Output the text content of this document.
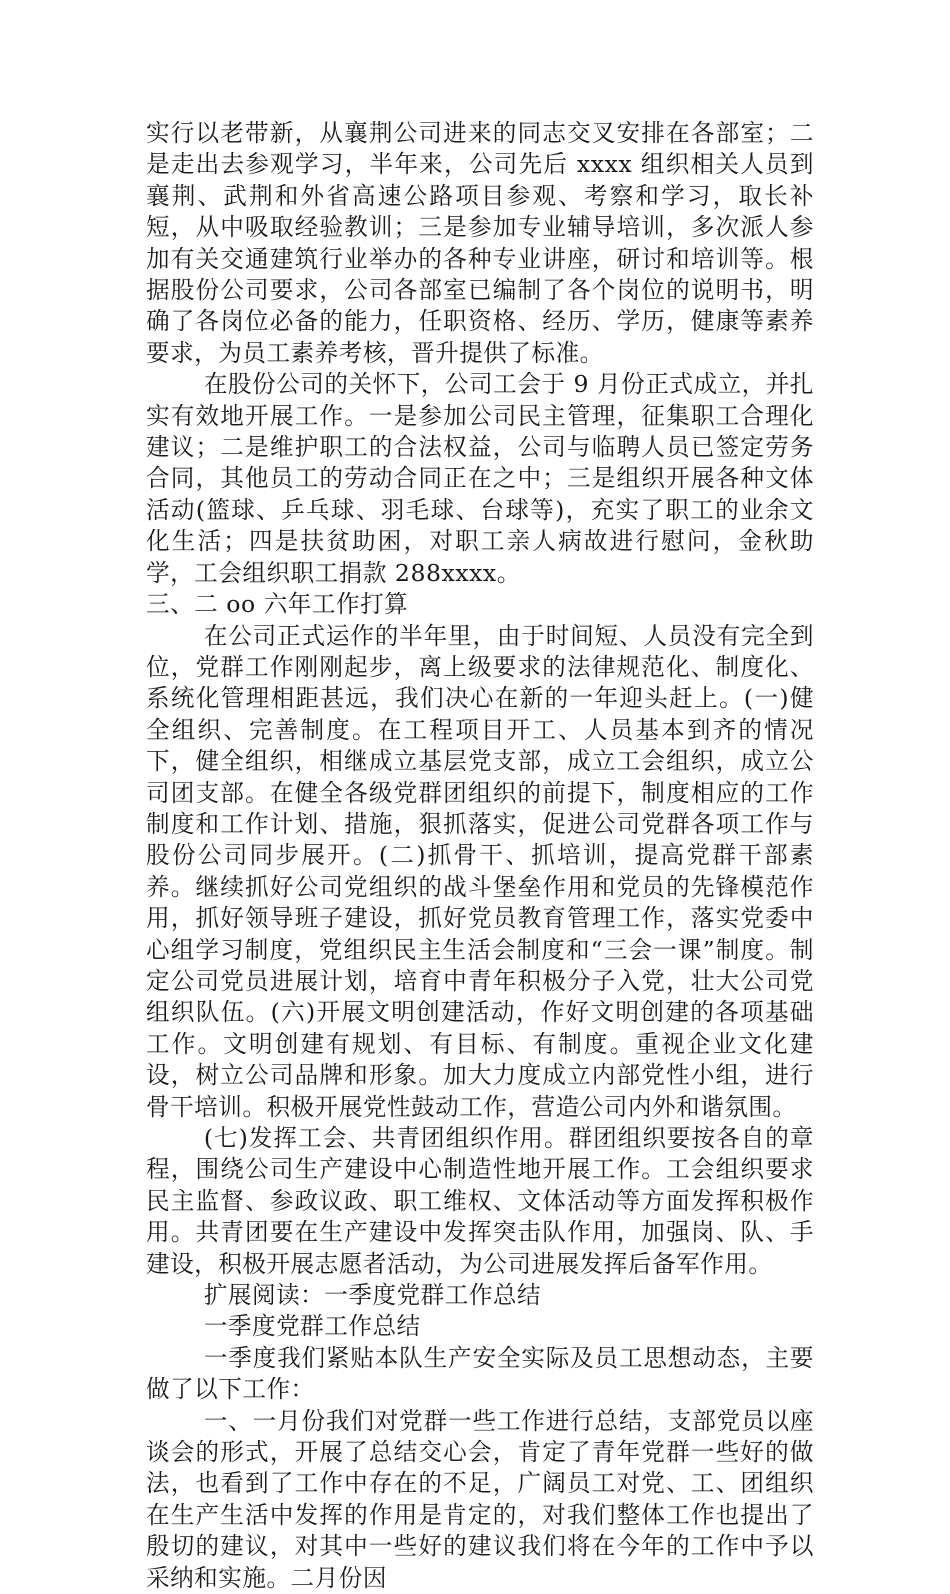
实行以老带新，从襄荆公司进来的同志交叉安排在各部室；二是走出去参观学习，半年来，公司先后 xxxx 组织相关人员到襄荆、武荆和外省高速公路项目参观、考察和学习，取长补短，从中吸取经验教训；三是参加专业辅导培训，多次派人参加有关交通建筑行业举办的各种专业讲座，研讨和培训等。根据股份公司要求，公司各部室已编制了各个岗位的说明书，明确了各岗位必备的能力，任职资格、经历、学历，健康等素养要求，为员工素养考核，晋升提供了标准。

在股份公司的关怀下，公司工会于 9 月份正式成立，并扎实有效地开展工作。一是参加公司民主管理，征集职工合理化建议；二是维护职工的合法权益，公司与临聘人员已签定劳务合同，其他员工的劳动合同正在之中；三是组织开展各种文体活动(篮球、乒乓球、羽毛球、台球等)，充实了职工的业余文化生活；四是扶贫助困，对职工亲人病故进行慰问，金秋助学，工会组织职工捐款 288xxxx。

三、二 oo 六年工作打算

在公司正式运作的半年里，由于时间短、人员没有完全到位，党群工作刚刚起步，离上级要求的法律规范化、制度化、系统化管理相距甚远，我们决心在新的一年迎头赶上。(一)健全组织、完善制度。在工程项目开工、人员基本到齐的情况下，健全组织，相继成立基层党支部，成立工会组织，成立公司团支部。在健全各级党群团组织的前提下，制度相应的工作制度和工作计划、措施，狠抓落实，促进公司党群各项工作与股份公司同步展开。(二)抓骨干、抓培训，提高党群干部素养。继续抓好公司党组织的战斗堡垒作用和党员的先锋模范作用，抓好领导班子建设，抓好党员教育管理工作，落实党委中心组学习制度，党组织民主生活会制度和“三会一课”制度。制定公司党员进展计划，培育中青年积极分子入党，壮大公司党组织队伍。(六)开展文明创建活动，作好文明创建的各项基础工作。文明创建有规划、有目标、有制度。重视企业文化建设，树立公司品牌和形象。加大力度成立内部党性小组，进行骨干培训。积极开展党性鼓动工作，营造公司内外和谐氛围。

(七)发挥工会、共青团组织作用。群团组织要按各自的章程，围绕公司生产建设中心制造性地开展工作。工会组织要求民主监督、参政议政、职工维权、文体活动等方面发挥积极作用。共青团要在生产建设中发挥突击队作用，加强岗、队、手建设，积极开展志愿者活动，为公司进展发挥后备军作用。

扩展阅读：一季度党群工作总结

一季度党群工作总结

一季度我们紧贴本队生产安全实际及员工思想动态，主要做了以下工作：

一、一月份我们对党群一些工作进行总结，支部党员以座谈会的形式，开展了总结交心会，肯定了青年党群一些好的做法，也看到了工作中存在的不足，广阔员工对党、工、团组织在生产生活中发挥的作用是肯定的，对我们整体工作也提出了殷切的建议，对其中一些好的建议我们将在今年的工作中予以采纳和实施。二月份因
